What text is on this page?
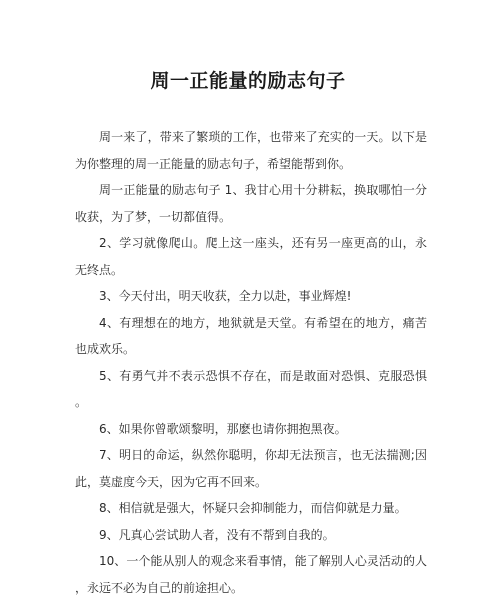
周一正能量的励志句子

周一来了，带来了繁琐的工作，也带来了充实的一天。以下是 为你整理的周一正能量的励志句子，希望能帮到你。

周一正能量的励志句子 1、我甘心用十分耕耘，换取哪怕一分收获，为了梦，一切都值得。

2、学习就像爬山。爬上这一座头，还有另一座更高的山，永无终点。

3、今天付出，明天收获，全力以赴，事业辉煌!

4、有理想在的地方，地狱就是天堂。有希望在的地方，痛苦也成欢乐。

5、有勇气并不表示恐惧不存在，而是敢面对恐惧、克服恐惧。

6、如果你曾歌颂黎明，那麽也请你拥抱黑夜。

7、明日的命运，纵然你聪明，你却无法预言，也无法揣测;因此，莫虚度今天，因为它再不回来。

8、相信就是强大，怀疑只会抑制能力，而信仰就是力量。

9、凡真心尝试助人者，没有不帮到自我的。

10、一个能从别人的观念来看事情，能了解别人心灵活动的人，永远不必为自己的前途担心。
